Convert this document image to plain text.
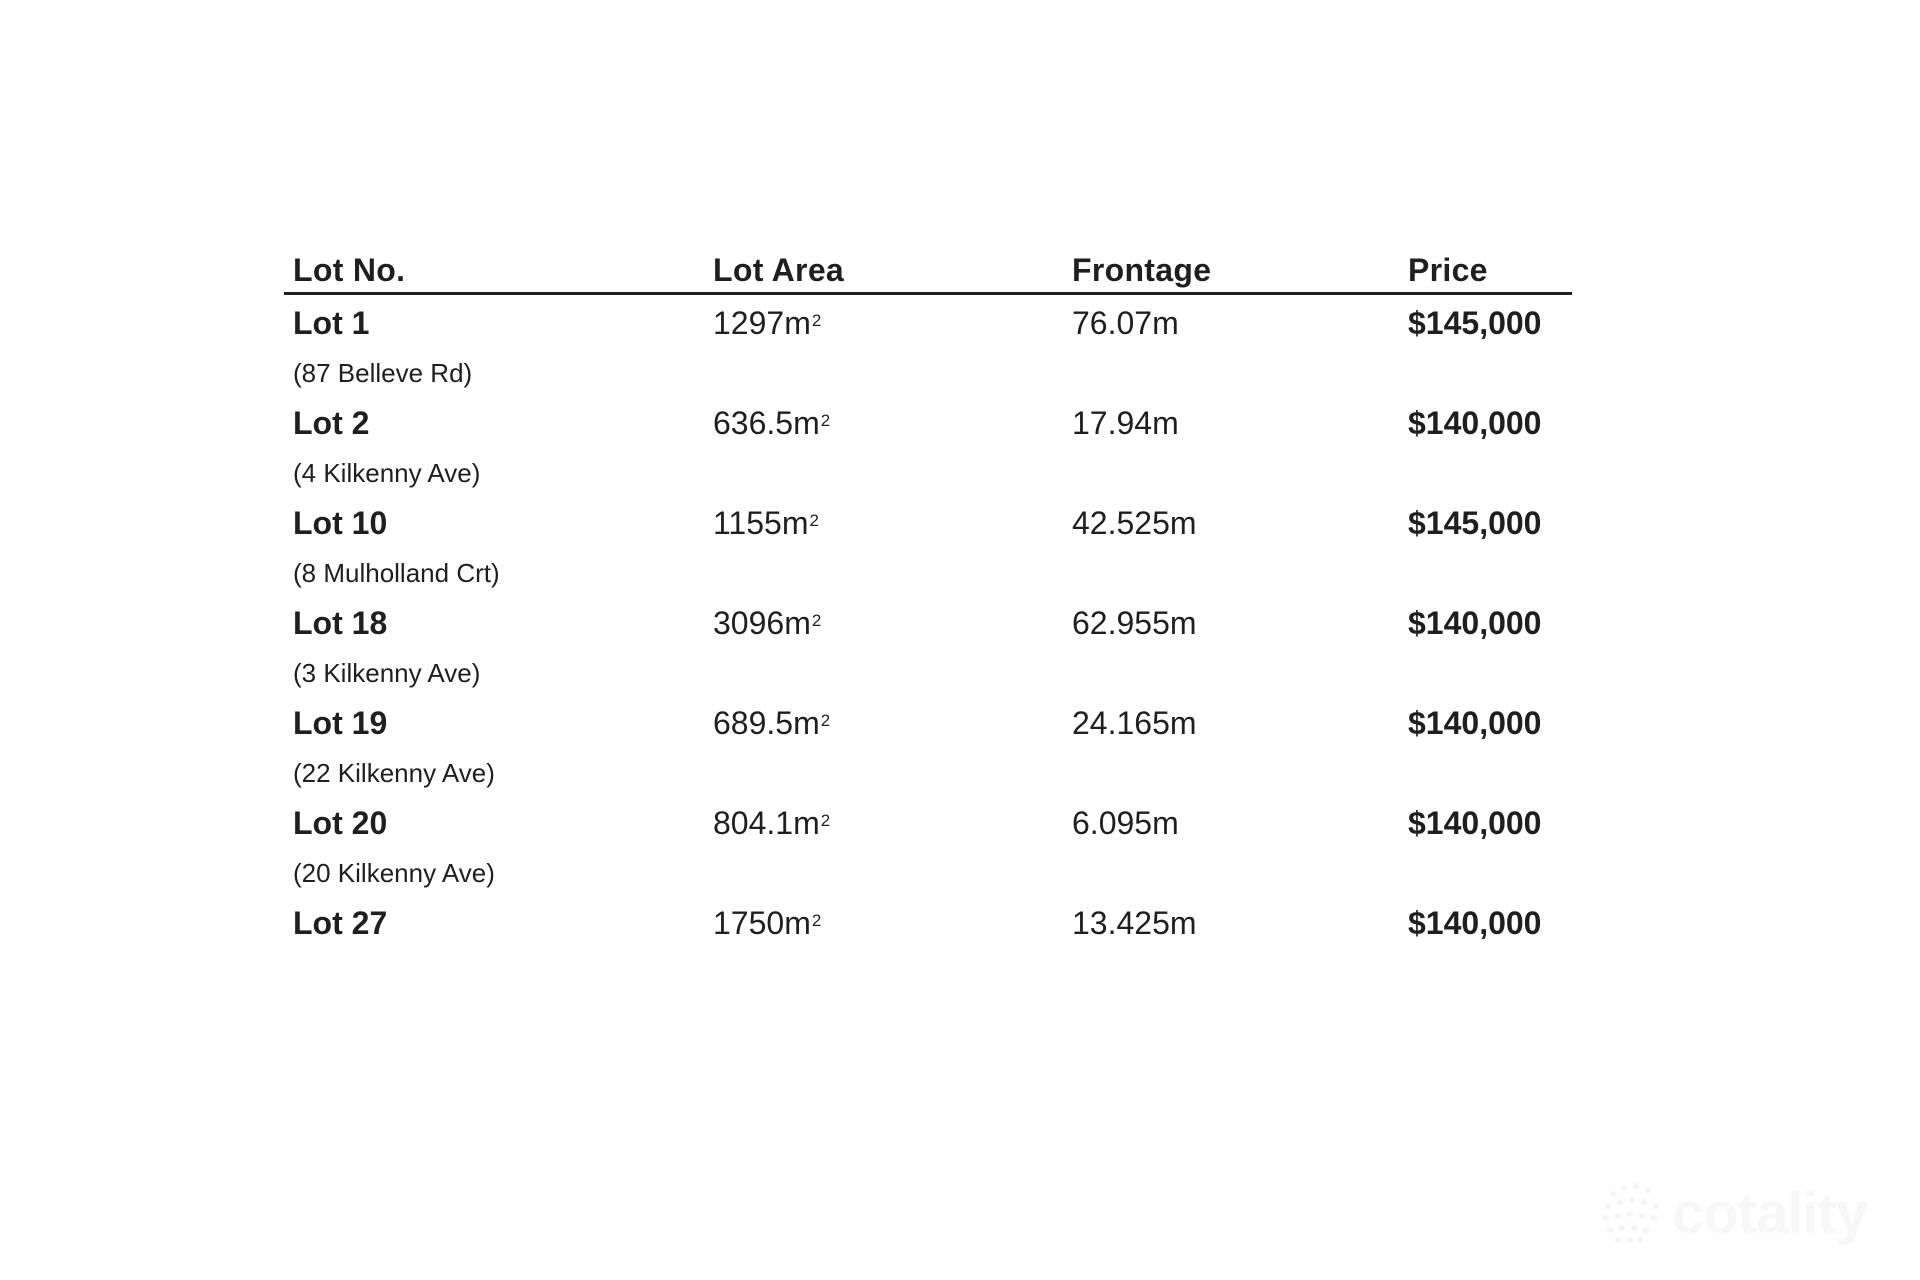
Lot No.	Lot Area	Frontage	Price
Lot 1	$1297m^2$	76.07m	$145,000
(87 Belleve Rd)
Lot 2	$636.5m^2$	17.94m	$140,000
(4 Kilkenny Ave)
Lot 10	$1155m^2$	42.525m	$145,000
(8 Mulholland Crt)
Lot 18	$3096m^2$	62.955m	$140,000
(3 Kilkenny Ave)
Lot 19	$689.5m^2$	24.165m	$140,000
(22 Kilkenny Ave)
Lot 20	$804.1m^2$	6.095m	$140,000
(20 Kilkenny Ave)
Lot 27	$1750m^2$	13.425m	$140,000
cotality
